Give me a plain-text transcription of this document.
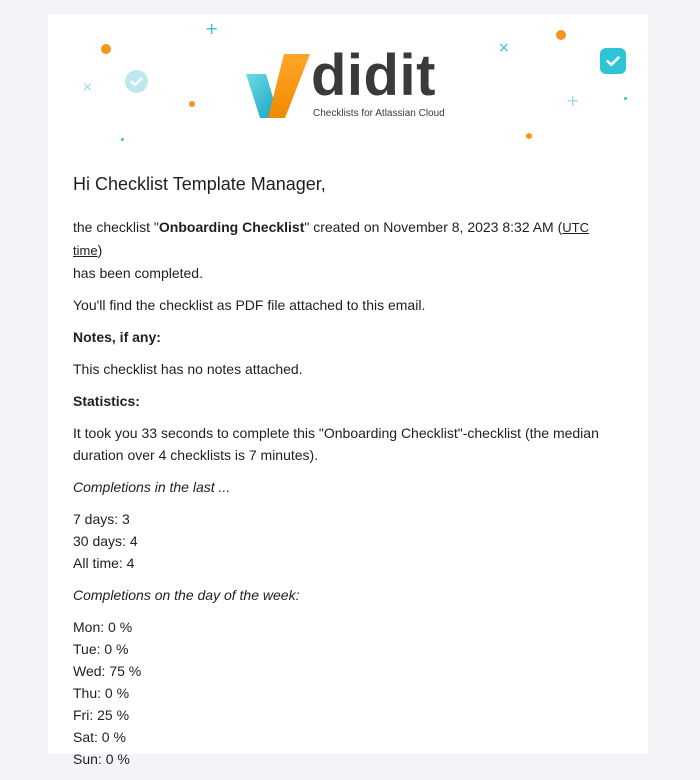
+
×
×
+
didit
Checklists for Atlassian Cloud
Hi Checklist Template Manager,
the checklist "Onboarding Checklist" created on November 8, 2023 8:32 AM (UTC time)
has been completed.
You'll find the checklist as PDF file attached to this email.
Notes, if any:
This checklist has no notes attached.
Statistics:
It took you 33 seconds to complete this "Onboarding Checklist"-checklist (the median
duration over 4 checklists is 7 minutes).
Completions in the last ...
7 days: 3
30 days: 4
All time: 4
Completions on the day of the week:
Mon: 0 %
Tue: 0 %
Wed: 75 %
Thu: 0 %
Fri: 25 %
Sat: 0 %
Sun: 0 %
